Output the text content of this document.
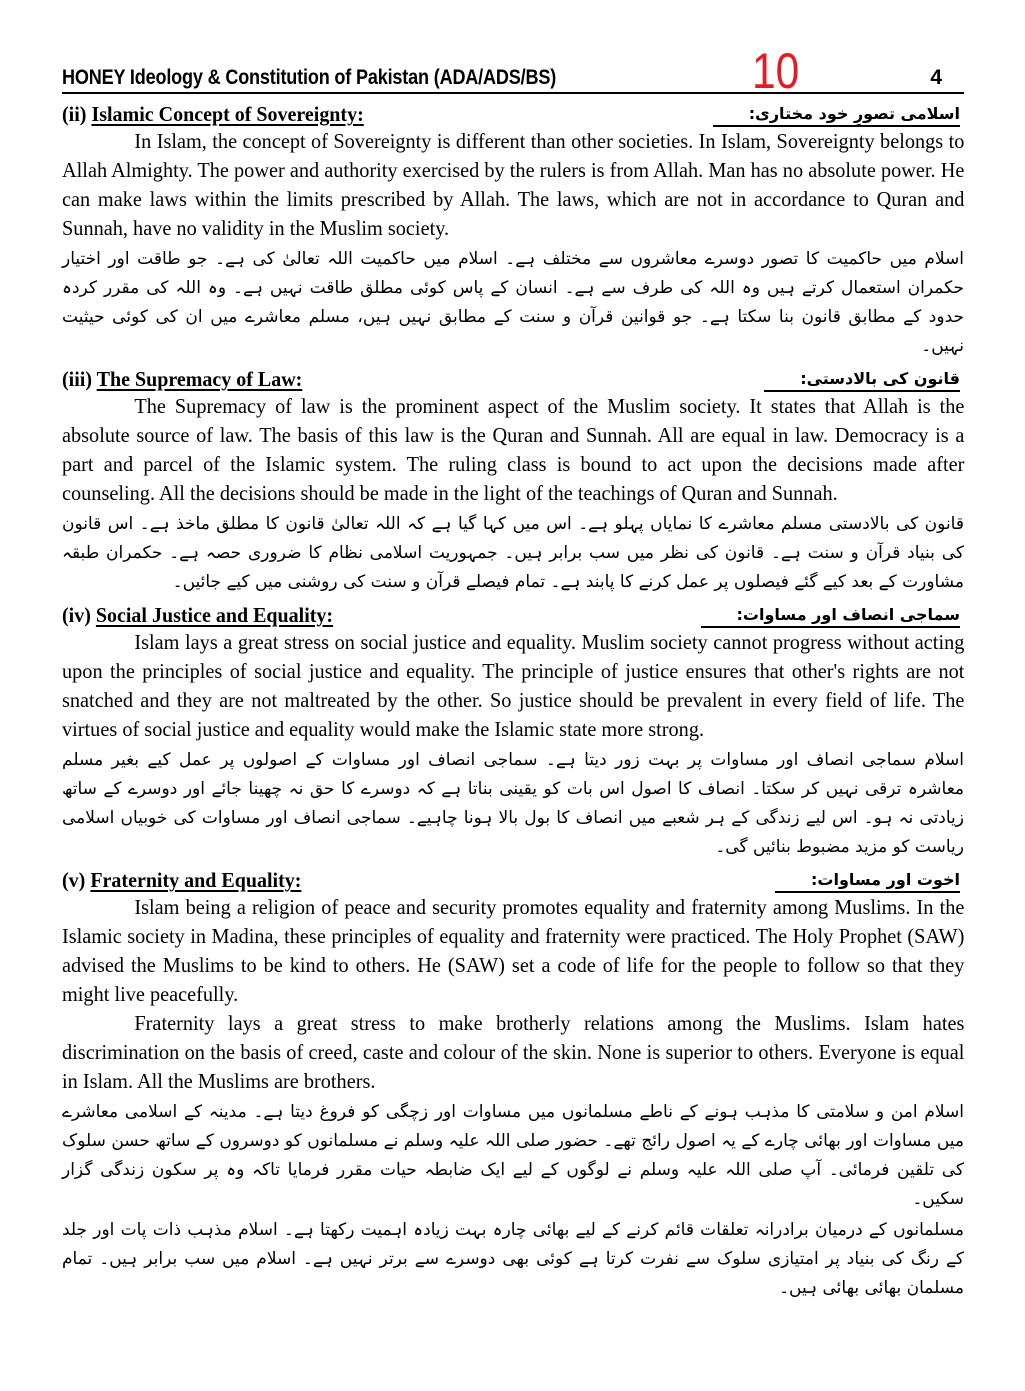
HONEY Ideology & Constitution of Pakistan (ADA/ADS/BS)	10	4
(ii) Islamic Concept of Sovereignty:	اسلامی تصورِ خود مختاری:

In Islam, the concept of Sovereignty is different than other societies. In Islam, Sovereignty belongs to Allah Almighty. The power and authority exercised by the rulers is from Allah. Man has no absolute power. He can make laws within the limits prescribed by Allah. The laws, which are not in accordance to Quran and Sunnah, have no validity in the Muslim society.

اسلام میں حاکمیت کا تصور دوسرے معاشروں سے مختلف ہے۔ اسلام میں حاکمیت اللہ تعالیٰ کی ہے۔ جو طاقت اور اختیار حکمران استعمال کرتے ہیں وہ اللہ کی طرف سے ہے۔ انسان کے پاس کوئی مطلق طاقت نہیں ہے۔ وہ اللہ کی مقرر کردہ حدود کے مطابق قانون بنا سکتا ہے۔ جو قوانین قرآن و سنت کے مطابق نہیں ہیں، مسلم معاشرے میں ان کی کوئی حیثیت نہیں۔

(iii) The Supremacy of Law:	قانون کی بالادستی:

The Supremacy of law is the prominent aspect of the Muslim society. It states that Allah is the absolute source of law. The basis of this law is the Quran and Sunnah. All are equal in law. Democracy is a part and parcel of the Islamic system. The ruling class is bound to act upon the decisions made after counseling. All the decisions should be made in the light of the teachings of Quran and Sunnah.

قانون کی بالادستی مسلم معاشرے کا نمایاں پہلو ہے۔ اس میں کہا گیا ہے کہ اللہ تعالیٰ قانون کا مطلق ماخذ ہے۔ اس قانون کی بنیاد قرآن و سنت ہے۔ قانون کی نظر میں سب برابر ہیں۔ جمہوریت اسلامی نظام کا ضروری حصہ ہے۔ حکمران طبقہ مشاورت کے بعد کیے گئے فیصلوں پر عمل کرنے کا پابند ہے۔ تمام فیصلے قرآن و سنت کی روشنی میں کیے جائیں۔

(iv) Social Justice and Equality:	سماجی انصاف اور مساوات:

Islam lays a great stress on social justice and equality. Muslim society cannot progress without acting upon the principles of social justice and equality. The principle of justice ensures that other's rights are not snatched and they are not maltreated by the other. So justice should be prevalent in every field of life. The virtues of social justice and equality would make the Islamic state more strong.

اسلام سماجی انصاف اور مساوات پر بہت زور دیتا ہے۔ سماجی انصاف اور مساوات کے اصولوں پر عمل کیے بغیر مسلم معاشرہ ترقی نہیں کر سکتا۔ انصاف کا اصول اس بات کو یقینی بناتا ہے کہ دوسرے کا حق نہ چھینا جائے اور دوسرے کے ساتھ زیادتی نہ ہو۔ اس لیے زندگی کے ہر شعبے میں انصاف کا بول بالا ہونا چاہیے۔ سماجی انصاف اور مساوات کی خوبیاں اسلامی ریاست کو مزید مضبوط بنائیں گی۔

(v) Fraternity and Equality:	اخوت اور مساوات:

Islam being a religion of peace and security promotes equality and fraternity among Muslims. In the Islamic society in Madina, these principles of equality and fraternity were practiced. The Holy Prophet (SAW) advised the Muslims to be kind to others. He (SAW) set a code of life for the people to follow so that they might live peacefully.

Fraternity lays a great stress to make brotherly relations among the Muslims. Islam hates discrimination on the basis of creed, caste and colour of the skin. None is superior to others. Everyone is equal in Islam. All the Muslims are brothers.

اسلام امن و سلامتی کا مذہب ہونے کے ناطے مسلمانوں میں مساوات اور زچگی کو فروغ دیتا ہے۔ مدینہ کے اسلامی معاشرے میں مساوات اور بھائی چارے کے یہ اصول رائج تھے۔ حضور صلی اللہ علیہ وسلم نے مسلمانوں کو دوسروں کے ساتھ حسن سلوک کی تلقین فرمائی۔ آپ صلی اللہ علیہ وسلم نے لوگوں کے لیے ایک ضابطہ حیات مقرر فرمایا تاکہ وہ پر سکون زندگی گزار سکیں۔

مسلمانوں کے درمیان برادرانہ تعلقات قائم کرنے کے لیے بھائی چارہ بہت زیادہ اہمیت رکھتا ہے۔ اسلام مذہب ذات پات اور جلد کے رنگ کی بنیاد پر امتیازی سلوک سے نفرت کرتا ہے کوئی بھی دوسرے سے برتر نہیں ہے۔ اسلام میں سب برابر ہیں۔ تمام مسلمان بھائی بھائی ہیں۔
